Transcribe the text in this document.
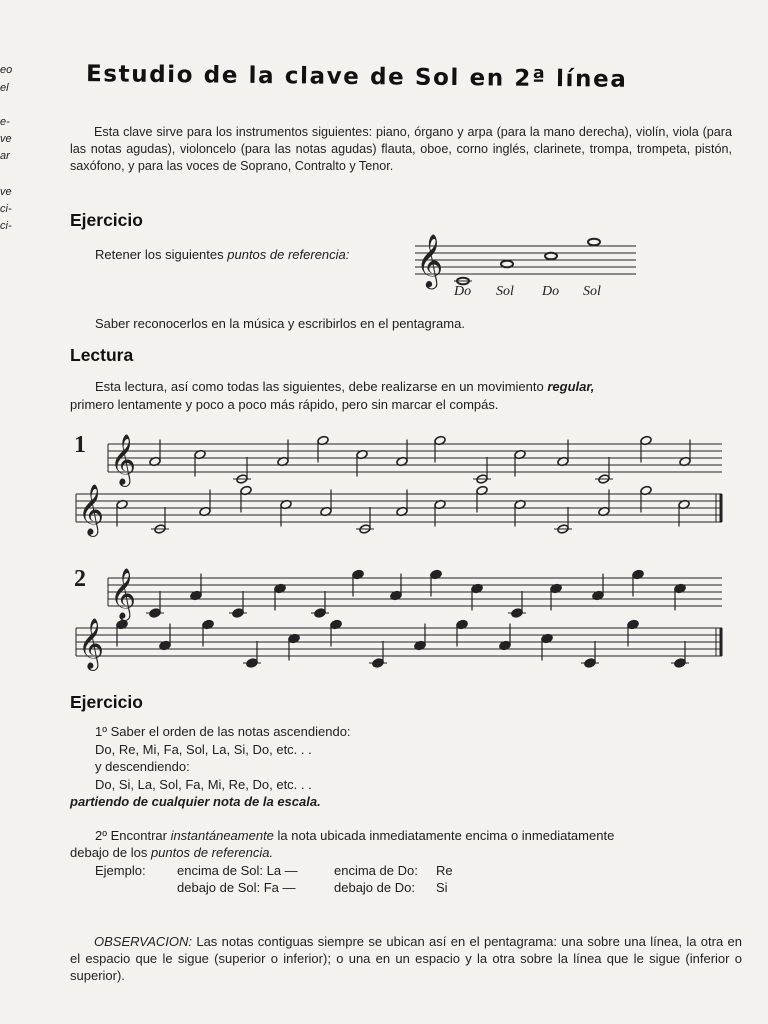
eo
el
e-
ve
ar
ve
ci-
ci-
Estudio de la clave de Sol en 2ª línea

Esta clave sirve para los instrumentos siguientes: piano, órgano y arpa (para la mano derecha), violín, viola (para las notas agudas), violoncelo (para las notas agudas) flauta, oboe, corno inglés, clarinete, trompa, trompeta, pistón, saxófono, y para las voces de Soprano, Contralto y Tenor.

Ejercicio
Retener los siguientes puntos de referencia: 𝄞
Do Sol Do Sol
Saber reconocerlos en la música y escribirlos en el pentagrama.
Lectura
Esta lectura, así como todas las siguientes, debe realizarse en un movimiento regular,
primero lentamente y poco a poco más rápido, pero sin marcar el compás.
1
2
𝄞
𝄞
𝄞
𝄞
Ejercicio
1º Saber el orden de las notas ascendiendo:
Do, Re, Mi, Fa, Sol, La, Si, Do, etc. . .
y descendiendo:
Do, Si, La, Sol, Fa, Mi, Re, Do, etc. . .
partiendo de cualquier nota de la escala.
2º Encontrar instantáneamente la nota ubicada inmediatamente encima o inmediatamente
debajo de los puntos de referencia.
Ejemplo: encima de Sol: La —	encima de Do: Re
debajo de Sol: Fa —	debajo de Do: Si

OBSERVACION: Las notas contiguas siempre se ubican así en el pentagrama: una sobre una línea, la otra en el espacio que le sigue (superior o inferior); o una en un espacio y la otra sobre la línea que le sigue (inferior o superior).
